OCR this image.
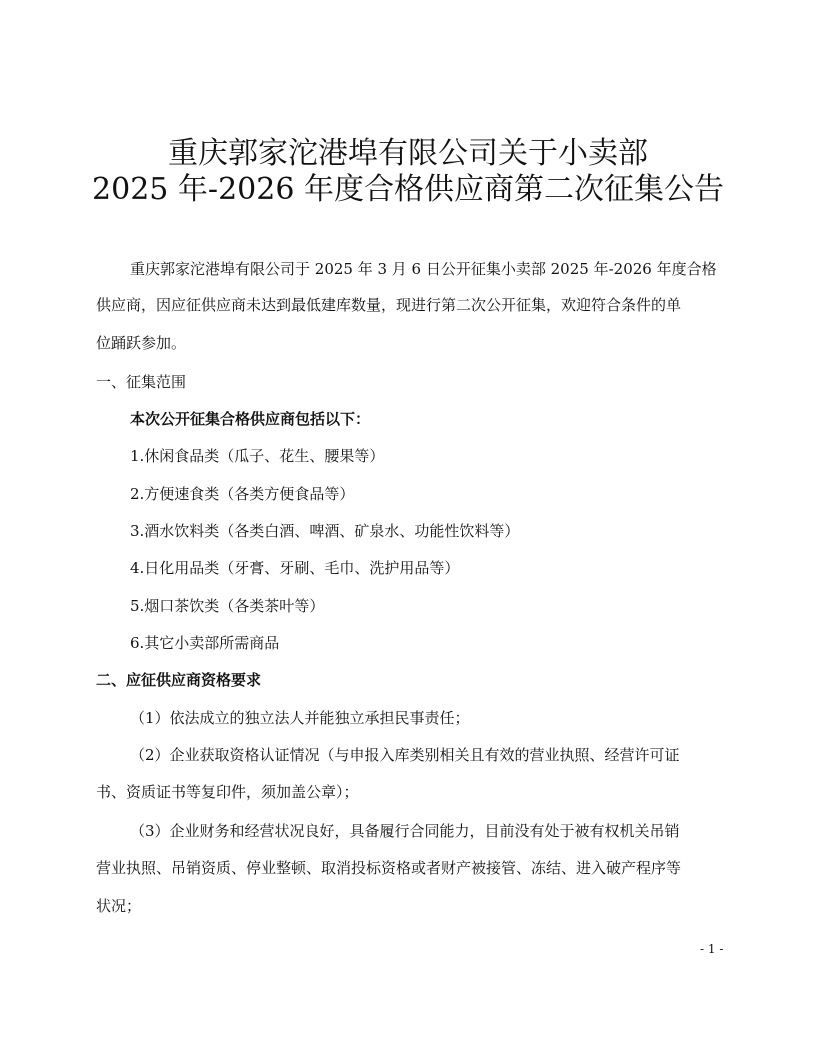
重庆郭家沱港埠有限公司关于小卖部
2025 年-2026 年度合格供应商第二次征集公告
重庆郭家沱港埠有限公司于 2025 年 3 月 6 日公开征集小卖部 2025 年-2026 年度合格
供应商，因应征供应商未达到最低建库数量，现进行第二次公开征集，欢迎符合条件的单
位踊跃参加。
一、征集范围
本次公开征集合格供应商包括以下：
1.休闲食品类（瓜子、花生、腰果等）
2.方便速食类（各类方便食品等）
3.酒水饮料类（各类白酒、啤酒、矿泉水、功能性饮料等）
4.日化用品类（牙膏、牙刷、毛巾、洗护用品等）
5.烟口茶饮类（各类茶叶等）
6.其它小卖部所需商品
二、应征供应商资格要求
（1）依法成立的独立法人并能独立承担民事责任；
（2）企业获取资格认证情况（与申报入库类别相关且有效的营业执照、经营许可证
书、资质证书等复印件，须加盖公章）；
（3）企业财务和经营状况良好，具备履行合同能力，目前没有处于被有权机关吊销
营业执照、吊销资质、停业整顿、取消投标资格或者财产被接管、冻结、进入破产程序等
状况；
- 1 -
